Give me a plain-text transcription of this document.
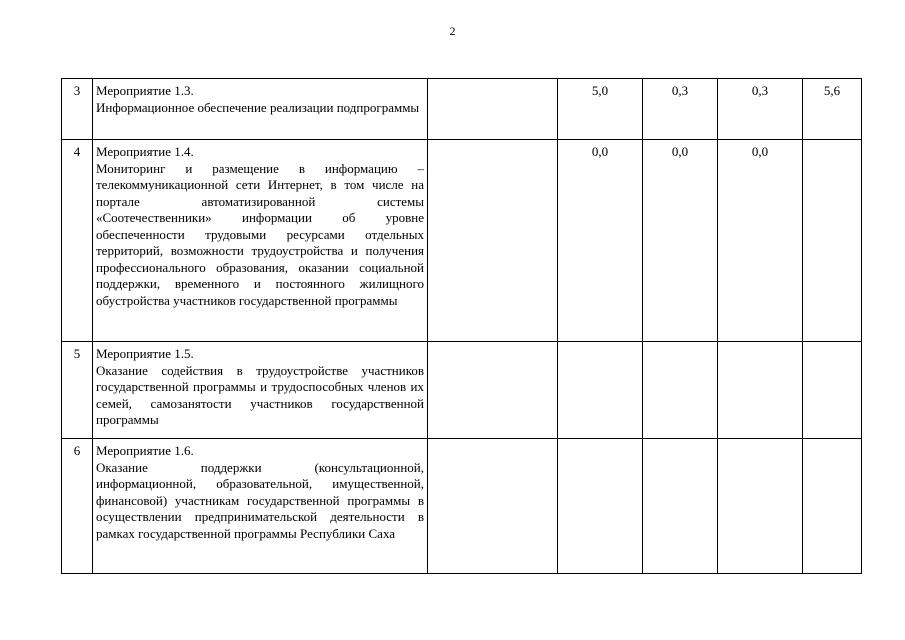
2
3	Мероприятие 1.3.
Информационное обеспечение реализации подпрограммы		5,0	0,3	0,3	5,6
4	Мероприятие 1.4.
Мониторинг и размещение в информацию – телекоммуникационной сети Интернет, в том числе на портале автоматизированной системы «Соотечественники» информации об уровне обеспеченности трудовыми ресурсами отдельных территорий, возможности трудоустройства и получения профессионального образования, оказании социальной поддержки, временного и постоянного жилищного обустройства участников государственной программы		0,0	0,0	0,0	
5	Мероприятие 1.5.
Оказание содействия в трудоустройстве участников государственной программы и трудоспособных членов их семей, самозанятости участников государственной программы					

6	Мероприятие 1.6.
Оказание поддержки (консультационной, информационной, образовательной, имущественной, финансовой) участникам государственной программы в осуществлении предпринимательской деятельности в рамках государственной программы Республики Саха					
